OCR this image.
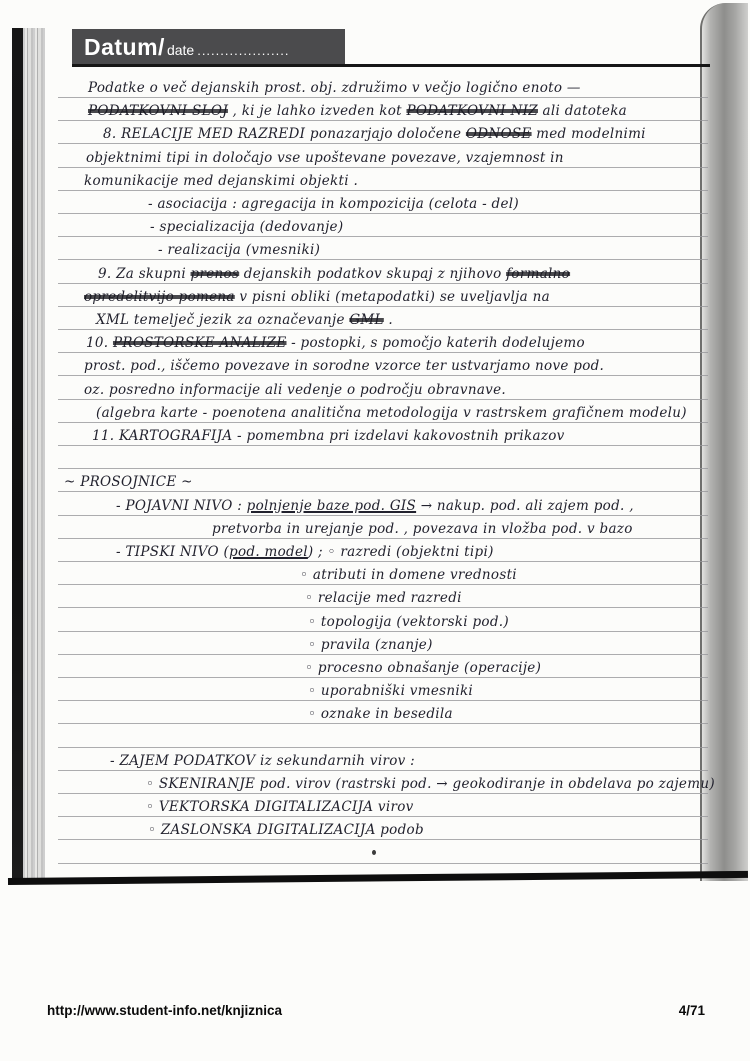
Datum/ date ....................
Podatke o več dejanskih prost. obj. združimo v večjo logično enoto —
PODATKOVNI SLOJ , ki je lahko izveden kot PODATKOVNI NIZ ali datoteka
8. RELACIJE MED RAZREDI ponazarjajo določene ODNOSE med modelnimi
objektnimi tipi in določajo vse upoštevane povezave, vzajemnost in
komunikacije med dejanskimi objekti .
- asociacija : agregacija in kompozicija (celota - del)
- specializacija (dedovanje)
- realizacija (vmesniki)
9. Za skupni prenos dejanskih podatkov skupaj z njihovo formalno
opredelitvijo pomena v pisni obliki (metapodatki) se uveljavlja na
XML temelječ jezik za označevanje GML .
10. PROSTORSKE ANALIZE - postopki, s pomočjo katerih dodelujemo
prost. pod., iščemo povezave in sorodne vzorce ter ustvarjamo nove pod.
oz. posredno informacije ali vedenje o področju obravnave.
(algebra karte - poenotena analitična metodologija v rastrskem grafičnem modelu)
11. KARTOGRAFIJA - pomembna pri izdelavi kakovostnih prikazov
~ PROSOJNICE ~
- POJAVNI NIVO : polnjenje baze pod. GIS → nakup. pod. ali zajem pod. ,
pretvorba in urejanje pod. , povezava in vložba pod. v bazo
- TIPSKI NIVO (pod. model) ; ◦ razredi (objektni tipi)
◦ atributi in domene vrednosti
◦ relacije med razredi
◦ topologija (vektorski pod.)
◦ pravila (znanje)
◦ procesno obnašanje (operacije)
◦ uporabniški vmesniki
◦ oznake in besedila
- ZAJEM PODATKOV iz sekundarnih virov :
◦ SKENIRANJE pod. virov (rastrski pod. → geokodiranje in obdelava po zajemu)
◦ VEKTORSKA DIGITALIZACIJA virov
◦ ZASLONSKA DIGITALIZACIJA podob
http://www.student-info.net/knjiznica	4/71
